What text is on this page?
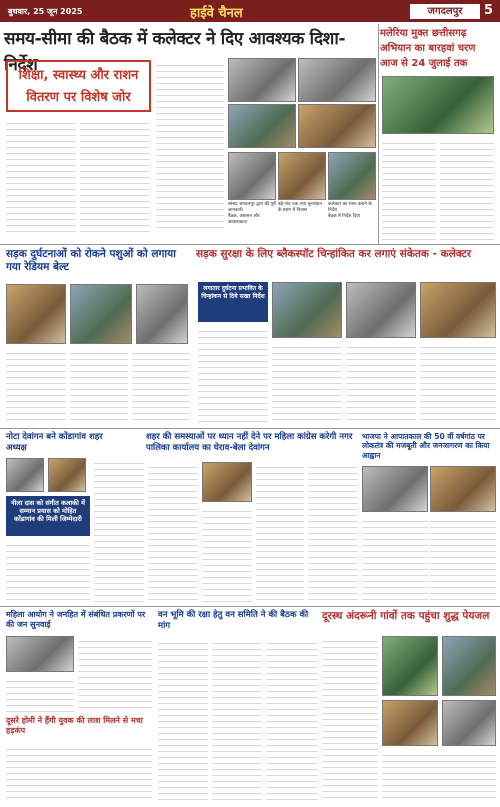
बुधवार, 25 जून 2025	हाईवे चैनल	जगदलपुर	5
समय-सीमा की बैठक में कलेक्टर ने दिए आवश्यक दिशा-निर्देश
शिक्षा, स्वास्थ्य और राशन वितरण पर विशेष जोर
सांसद जगदलपुर द्वारा की पूरी जानकारी.
बैठक, प्रशासन और आवश्यकता
बड़े गांव तक तथा मूल्यांकन के प्रसंग में निवास
कलेक्टर का ध्यान कराने के निर्देश
बैठक में निर्देश दिया
मलेरिया मुक्त छत्तीसगढ़ अभियान का बारहवां चरण आज से 24 जुलाई तक
सड़क दुर्घटनाओं को रोकने पशुओं को लगाया गया रेडियम बेल्ट
सड़क सुरक्षा के लिए ब्लैकस्पॉट चिन्हांकित कर लगाएं संकेतक - कलेक्टर
लगातार दुर्घटना प्रभावित के चिन्हांकन से दिये सख्त निर्देश
नोटा देवांगन बने कोंडागांव शहर अध्यक्ष
नीला दास को संगीत कलाकी में सम्मान प्रयास को मोहित कोंडागांव की मिली जिम्मेदारी
शहर की समस्याओं पर ध्यान नहीं देने पर महिला कांग्रेस करेगी नगर पालिका कार्यालय का घेराव-बेला देवांगन
भाजपा ने आपातकाल की 50 वीं वर्षगांठ पर लोकतंत्र की मजबूती और जनजागरण का किया आह्वान
महिला आयोग ने जनहित में संबंधित प्रकरणों पर की जन सुनवाई
दूसरे होमी ने हैंगी युवक की लाश मिलने से मचा हड़कंप
वन भूमि की रक्षा हेतु वन समिति ने की बैठक की मांग
दूरस्थ अंदरूनी गांवों तक पहुंचा शुद्ध पेयजल
